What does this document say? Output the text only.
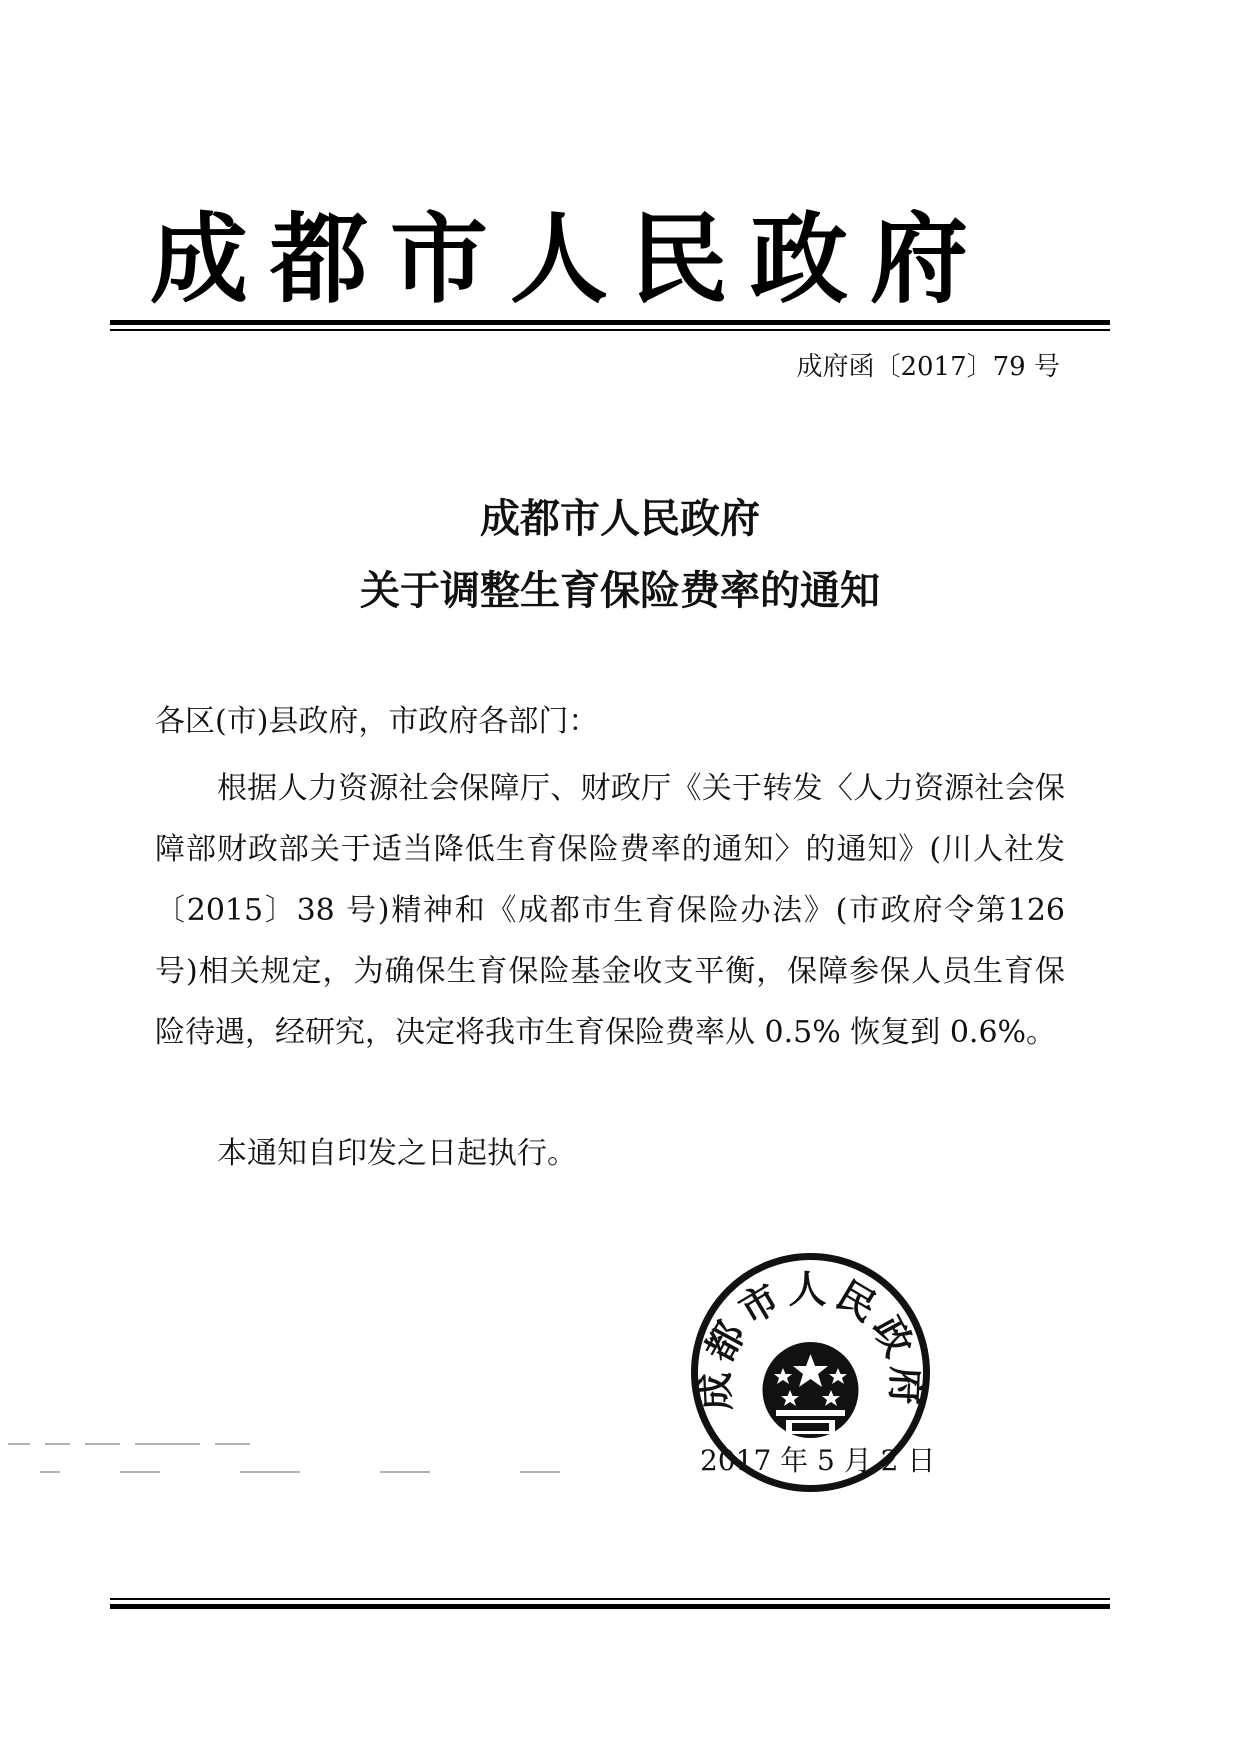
成都市人民政府
成府函〔2017〕79 号
成都市人民政府
关于调整生育保险费率的通知
各区(市)县政府，市政府各部门：

根据人力资源社会保障厅、财政厅《关于转发〈人力资源社会保障部财政部关于适当降低生育保险费率的通知〉的通知》(川人社发〔2015〕38 号)精神和《成都市生育保险办法》(市政府令第126 号)相关规定，为确保生育保险基金收支平衡，保障参保人员生育保险待遇，经研究，决定将我市生育保险费率从 0.5% 恢复到 0.6%。

本通知自印发之日起执行。
成都市人民政府
2017 年 5 月 2 日
